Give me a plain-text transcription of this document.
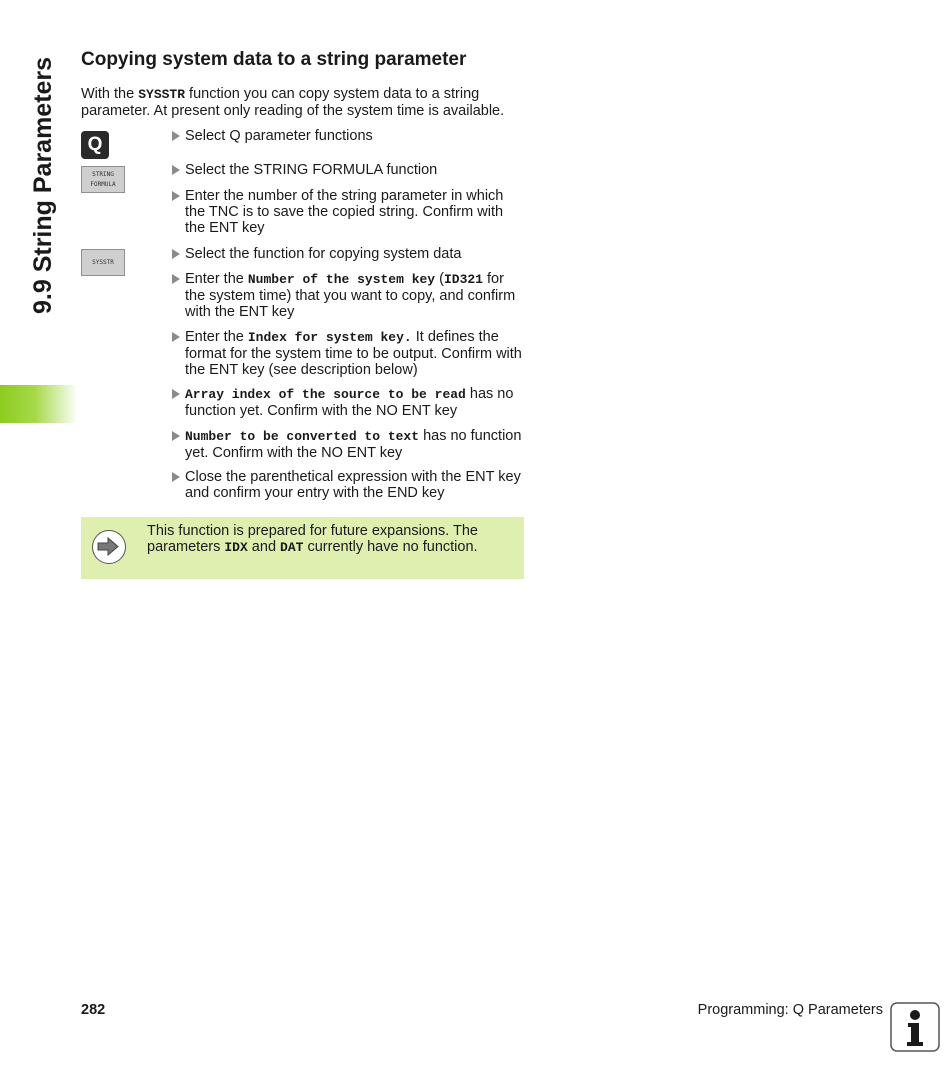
9.9 String Parameters Copying system data to a string parameter

With the SYSSTR function you can copy system data to a string parameter. At present only reading of the system time is available.

Q
STRING
FORMULA
SYSSTR
Select Q parameter functions
Select the STRING FORMULA function
Enter the number of the string parameter in which the TNC is to save the copied string. Confirm with the ENT key
Select the function for copying system data
Enter the Number of the system key (ID321 for the system time) that you want to copy, and confirm with the ENT key
Enter the Index for system key. It defines the format for the system time to be output. Confirm with the ENT key (see description below)
Array index of the source to be read has no function yet. Confirm with the NO ENT key
Number to be converted to text has no function yet. Confirm with the NO ENT key
Close the parenthetical expression with the ENT key and confirm your entry with the END key
This function is prepared for future expansions. The parameters IDX and DAT currently have no function.
282	Programming: Q Parameters
